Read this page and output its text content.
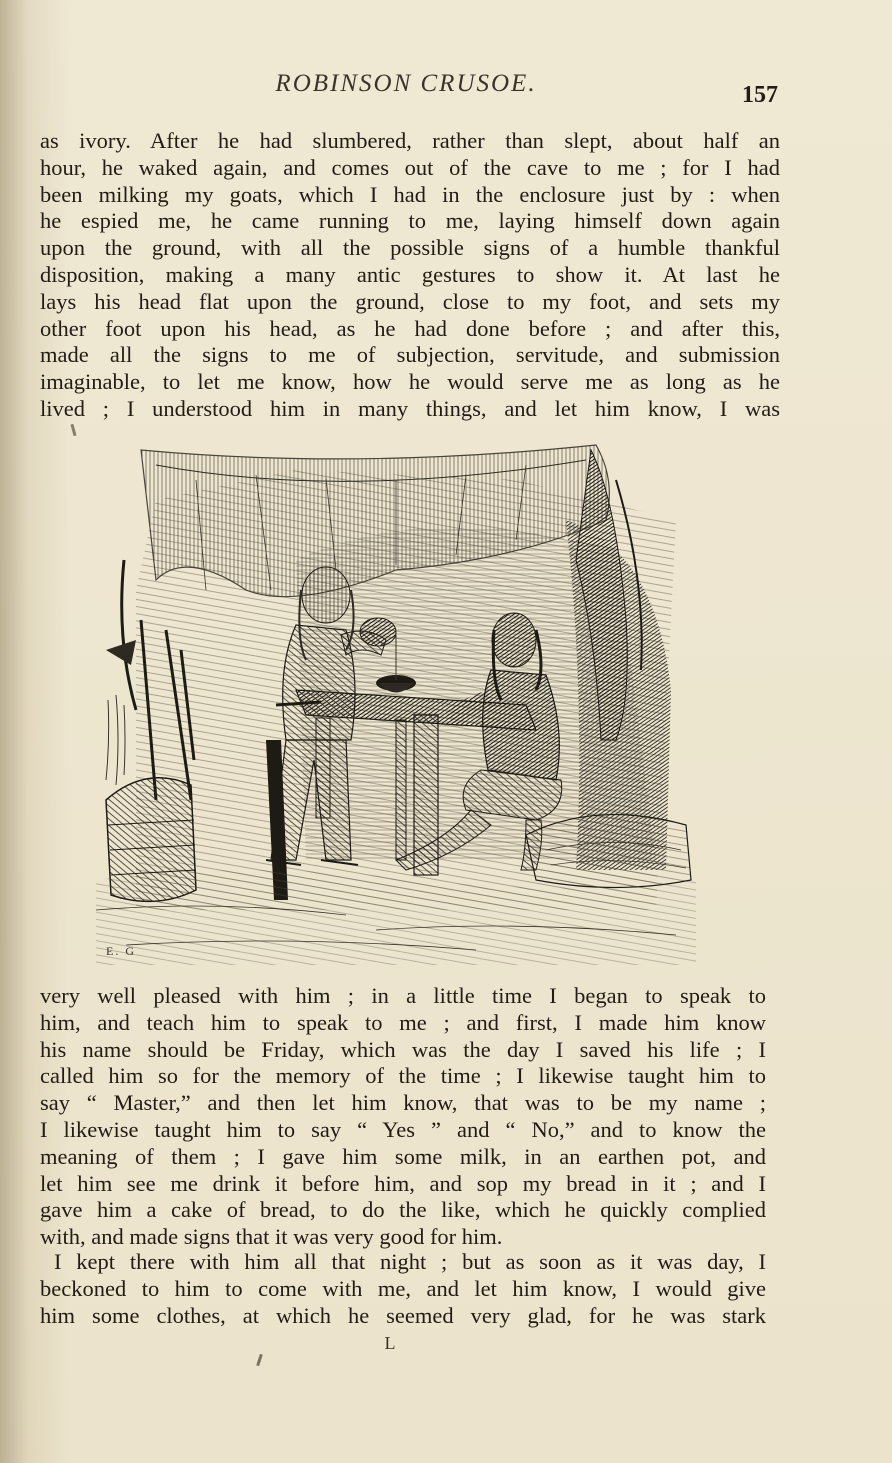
ROBINSON CRUSOE.	157
as ivory. After he had slumbered, rather than slept, about half an
hour, he waked again, and comes out of the cave to me ; for I had
been milking my goats, which I had in the enclosure just by : when
he espied me, he came running to me, laying himself down again
upon the ground, with all the possible signs of a humble thankful
disposition, making a many antic gestures to show it. At last he
lays his head flat upon the ground, close to my foot, and sets my
other foot upon his head, as he had done before ; and after this,
made all the signs to me of subjection, servitude, and submission
imaginable, to let me know, how he would serve me as long as he
lived ; I understood him in many things, and let him know, I was
E. G
very well pleased with him ; in a little time I began to speak to
him, and teach him to speak to me ; and first, I made him know
his name should be Friday, which was the day I saved his life ; I
called him so for the memory of the time ; I likewise taught him to
say “ Master,” and then let him know, that was to be my name ;
I likewise taught him to say “ Yes ” and “ No,” and to know the
meaning of them ; I gave him some milk, in an earthen pot, and
let him see me drink it before him, and sop my bread in it ; and I
gave him a cake of bread, to do the like, which he quickly complied
with, and made signs that it was very good for him.
I kept there with him all that night ; but as soon as it was day, I
beckoned to him to come with me, and let him know, I would give
him some clothes, at which he seemed very glad, for he was stark
L
